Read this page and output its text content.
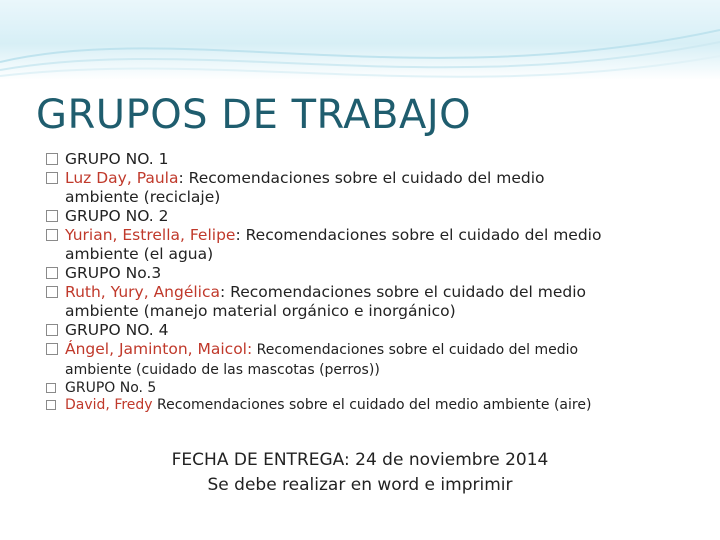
GRUPOS DE TRABAJO
GRUPO NO. 1
Luz Day, Paula: Recomendaciones sobre el cuidado del medio
ambiente (reciclaje)
GRUPO NO. 2
Yurian, Estrella, Felipe: Recomendaciones sobre el cuidado del medio
ambiente (el agua)
GRUPO No.3
Ruth, Yury, Angélica: Recomendaciones sobre el cuidado del medio
ambiente (manejo material orgánico e inorgánico)
GRUPO NO. 4
Ángel, Jaminton, Maicol: Recomendaciones sobre el cuidado del medio
ambiente (cuidado de las mascotas (perros))
GRUPO No. 5
David, Fredy Recomendaciones sobre el cuidado del medio ambiente (aire)
FECHA DE ENTREGA: 24 de noviembre 2014
Se debe realizar en word e imprimir
